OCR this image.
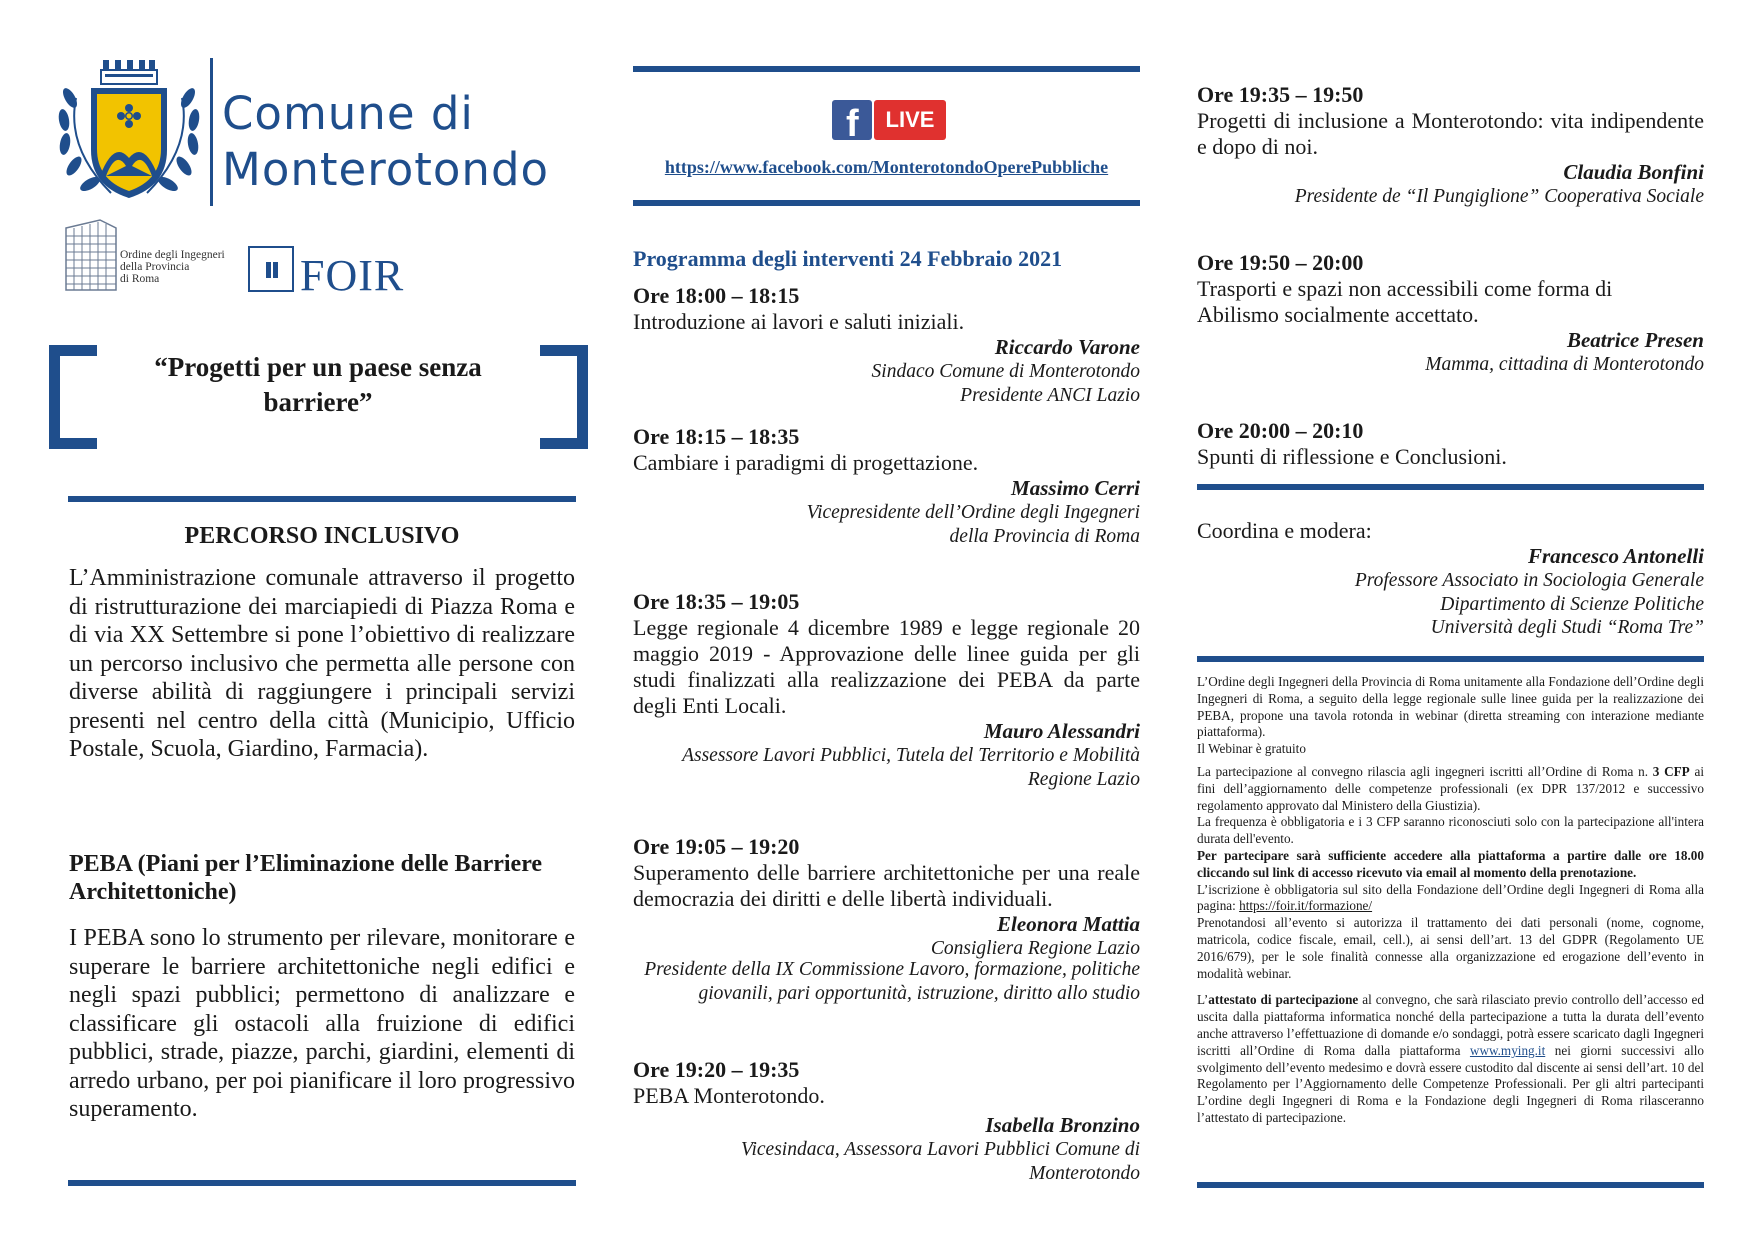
Comune di
Monterotondo
Ordine degli Ingegneri
della Provincia
di Roma	FOIR
“Progetti per un paese senza barriere”
PERCORSO INCLUSIVO
L’Amministrazione comunale attraverso il progetto di ristrutturazione dei marciapiedi di Piazza Roma e di via XX Settembre si pone l’obiettivo di realizzare un percorso inclusivo che permetta alle persone con diverse abilità di raggiungere i principali servizi presenti nel centro della città (Municipio, Ufficio Postale, Scuola, Giardino, Farmacia).
PEBA (Piani per l’Eliminazione delle Barriere Architettoniche)
I PEBA sono lo strumento per rilevare, monitorare e superare le barriere architettoniche negli edifici e negli spazi pubblici; permettono di analizzare e classificare gli ostacoli alla fruizione di edifici pubblici, strade, piazze, parchi, giardini, elementi di arredo urbano, per poi pianificare il loro progressivo superamento.
f	LIVE
https://www.facebook.com/MonterotondoOperePubbliche
Programma degli interventi 24 Febbraio 2021
Ore 18:00 – 18:15
Introduzione ai lavori e saluti iniziali.
Riccardo Varone
Sindaco Comune di Monterotondo
Presidente ANCI Lazio
Ore 18:15 – 18:35
Cambiare i paradigmi di progettazione.
Massimo Cerri
Vicepresidente dell’Ordine degli Ingegneri
della Provincia di Roma
Ore 18:35 – 19:05
Legge regionale 4 dicembre 1989 e legge regionale 20 maggio 2019 - Approvazione delle linee guida per gli studi finalizzati alla realizzazione dei PEBA da parte degli Enti Locali.
Mauro Alessandri
Assessore Lavori Pubblici, Tutela del Territorio e Mobilità
Regione Lazio
Ore 19:05 – 19:20
Superamento delle barriere architettoniche per una reale democrazia dei diritti e delle libertà individuali.
Eleonora Mattia
Consigliera Regione Lazio
Presidente della IX Commissione Lavoro, formazione, politiche
giovanili, pari opportunità, istruzione, diritto allo studio
Ore 19:20 – 19:35
PEBA Monterotondo.
Isabella Bronzino
Vicesindaca, Assessora Lavori Pubblici Comune di
Monterotondo
Ore 19:35 – 19:50
Progetti di inclusione a Monterotondo: vita indipendente e dopo di noi.
Claudia Bonfini
Presidente de “Il Pungiglione” Cooperativa Sociale
Ore 19:50 – 20:00
Trasporti e spazi non accessibili come forma di Abilismo socialmente accettato.
Beatrice Presen
Mamma, cittadina di Monterotondo
Ore 20:00 – 20:10
Spunti di riflessione e Conclusioni.
Coordina e modera:
Francesco Antonelli
Professore Associato in Sociologia Generale
Dipartimento di Scienze Politiche
Università degli Studi “Roma Tre”
L’Ordine degli Ingegneri della Provincia di Roma unitamente alla Fondazione dell’Ordine degli Ingegneri di Roma, a seguito della legge regionale sulle linee guida per la realizzazione dei PEBA, propone una tavola rotonda in webinar (diretta streaming con interazione mediante piattaforma).
Il Webinar è gratuito
La partecipazione al convegno rilascia agli ingegneri iscritti all’Ordine di Roma n. 3 CFP ai fini dell’aggiornamento delle competenze professionali (ex DPR 137/2012 e successivo regolamento approvato dal Ministero della Giustizia).
La frequenza è obbligatoria e i 3 CFP saranno riconosciuti solo con la partecipazione all'intera durata dell'evento.
Per partecipare sarà sufficiente accedere alla piattaforma a partire dalle ore 18.00 cliccando sul link di accesso ricevuto via email al momento della prenotazione.
L’iscrizione è obbligatoria sul sito della Fondazione dell’Ordine degli Ingegneri di Roma alla pagina: https://foir.it/formazione/
Prenotandosi all’evento si autorizza il trattamento dei dati personali (nome, cognome, matricola, codice fiscale, email, cell.), ai sensi dell’art. 13 del GDPR (Regolamento UE 2016/679), per le sole finalità connesse alla organizzazione ed erogazione dell’evento in modalità webinar.
L’attestato di partecipazione al convegno, che sarà rilasciato previo controllo dell’accesso ed uscita dalla piattaforma informatica nonché della partecipazione a tutta la durata dell’evento anche attraverso l’effettuazione di domande e/o sondaggi, potrà essere scaricato dagli Ingegneri iscritti all’Ordine di Roma dalla piattaforma www.mying.it nei giorni successivi allo svolgimento dell’evento medesimo e dovrà essere custodito dal discente ai sensi dell’art. 10 del Regolamento per l’Aggiornamento delle Competenze Professionali. Per gli altri partecipanti L’ordine degli Ingegneri di Roma e la Fondazione degli Ingegneri di Roma rilasceranno l’attestato di partecipazione.
